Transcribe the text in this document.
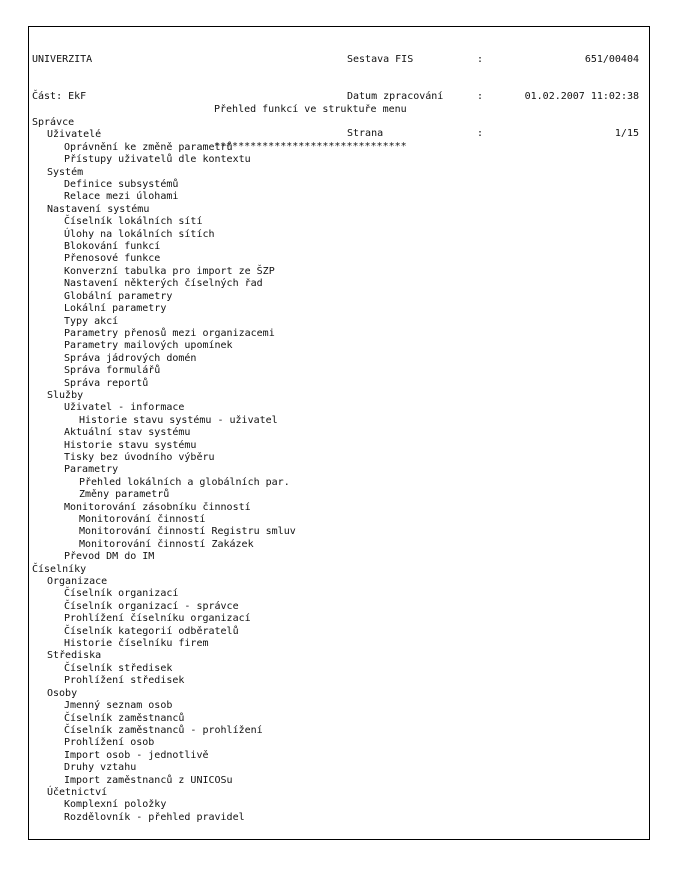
UNIVERZITA

Část: EkF

Sestava FIS	:	651/00404

Datum zpracování	:	01.02.2007 11:02:38

Strana	:	1/15

Přehled funkcí ve struktuře menu

********************************

Správce
Uživatelé
Oprávnění ke změně parametrů
Přístupy uživatelů dle kontextu
Systém
Definice subsystémů
Relace mezi úlohami
Nastavení systému
Číselník lokálních sítí
Úlohy na lokálních sítích
Blokování funkcí
Přenosové funkce
Konverzní tabulka pro import ze ŠZP
Nastavení některých číselných řad
Globální parametry
Lokální parametry
Typy akcí
Parametry přenosů mezi organizacemi
Parametry mailových upomínek
Správa jádrových domén
Správa formulářů
Správa reportů
Služby
Uživatel - informace
Historie stavu systému - uživatel
Aktuální stav systému
Historie stavu systému
Tisky bez úvodního výběru
Parametry
Přehled lokálních a globálních par.
Změny parametrů
Monitorování zásobníku činností
Monitorování činností
Monitorování činností Registru smluv
Monitorování činností Zakázek
Převod DM do IM
Číselníky
Organizace
Číselník organizací
Číselník organizací - správce
Prohlížení číselníku organizací
Číselník kategorií odběratelů
Historie číselníku firem
Střediska
Číselník středisek
Prohlížení středisek
Osoby
Jmenný seznam osob
Číselník zaměstnanců
Číselník zaměstnanců - prohlížení
Prohlížení osob
Import osob - jednotlivě
Druhy vztahu
Import zaměstnanců z UNICOSu
Účetnictví
Komplexní položky
Rozdělovník - přehled pravidel
